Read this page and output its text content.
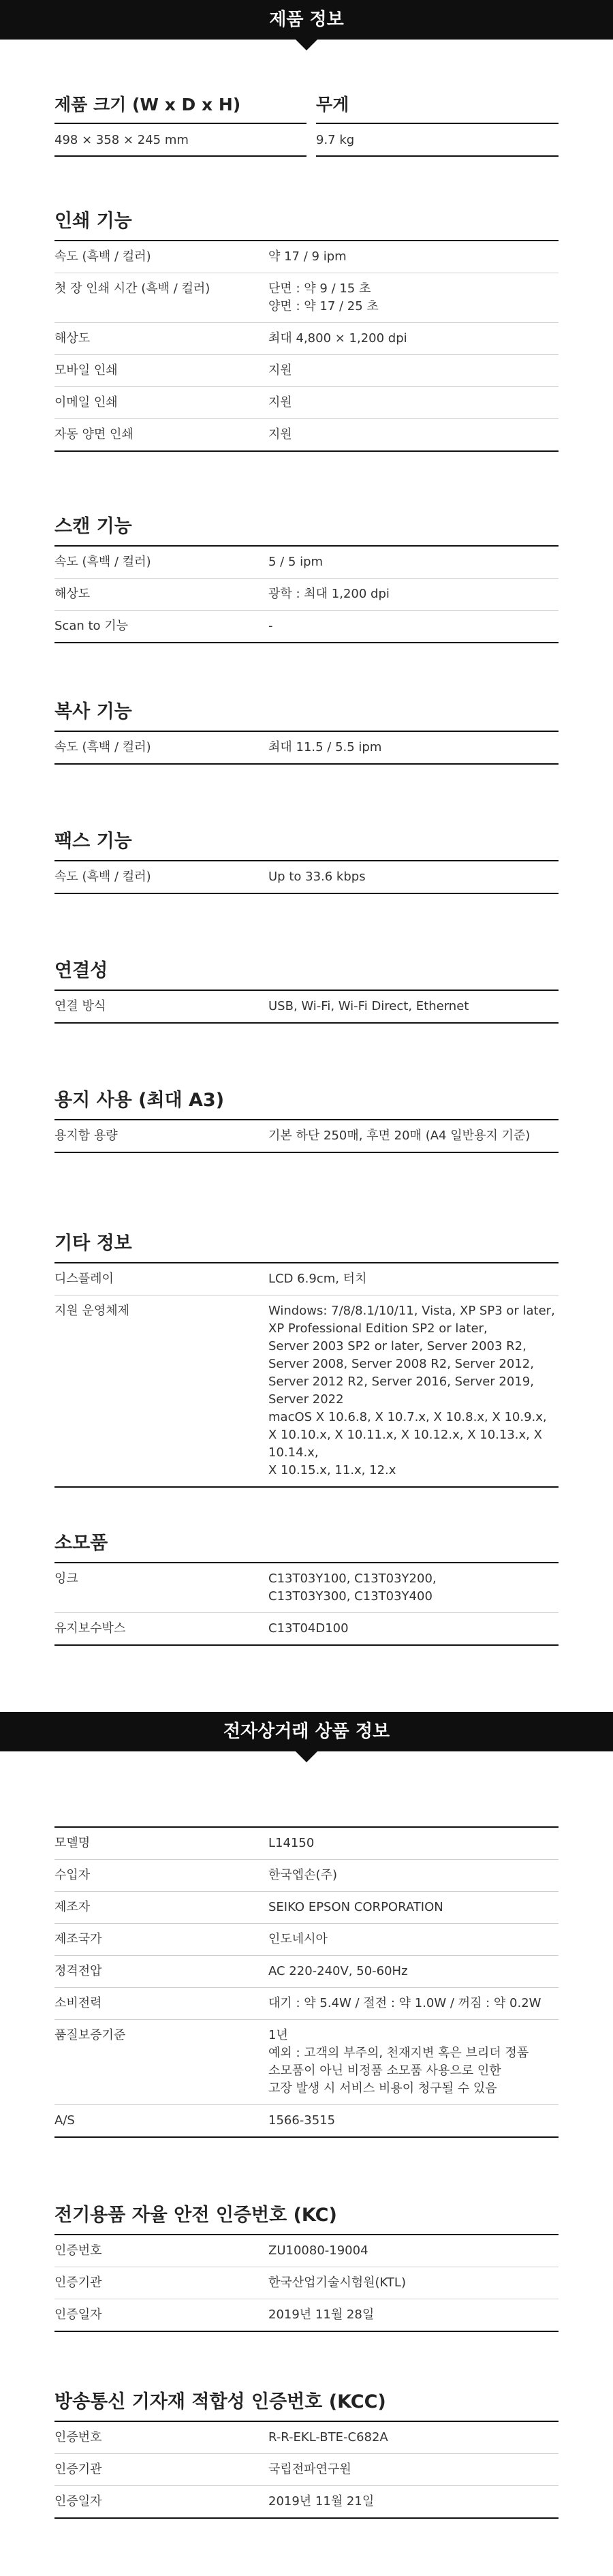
제품 정보
제품 크기 (W x D x H)
498 × 358 × 245 mm
무게
9.7 kg
인쇄 기능
속도 (흑백 / 컬러)	약 17 / 9 ipm
첫 장 인쇄 시간 (흑백 / 컬러)	단면 : 약 9 / 15 초
양면 : 약 17 / 25 초
해상도	최대 4,800 × 1,200 dpi
모바일 인쇄	지원
이메일 인쇄	지원
자동 양면 인쇄	지원
스캔 기능
속도 (흑백 / 컬러)	5 / 5 ipm
해상도	광학 : 최대 1,200 dpi
Scan to 기능	-
복사 기능
속도 (흑백 / 컬러)	최대 11.5 / 5.5 ipm
팩스 기능
속도 (흑백 / 컬러)	Up to 33.6 kbps
연결성
연결 방식	USB, Wi-Fi, Wi-Fi Direct, Ethernet
용지 사용 (최대 A3)
용지함 용량	기본 하단 250매, 후면 20매 (A4 일반용지 기준)
기타 정보
디스플레이	LCD 6.9cm, 터치
지원 운영체제	Windows: 7/8/8.1/10/11, Vista, XP SP3 or later,
XP Professional Edition SP2 or later,
Server 2003 SP2 or later, Server 2003 R2,
Server 2008, Server 2008 R2, Server 2012,
Server 2012 R2, Server 2016, Server 2019,
Server 2022
macOS X 10.6.8, X 10.7.x, X 10.8.x, X 10.9.x,
X 10.10.x, X 10.11.x, X 10.12.x, X 10.13.x, X 10.14.x,
X 10.15.x, 11.x, 12.x
소모품
잉크	C13T03Y100, C13T03Y200,
C13T03Y300, C13T03Y400
유지보수박스	C13T04D100
전자상거래 상품 정보
모델명	L14150
수입자	한국엡손(주)
제조자	SEIKO EPSON CORPORATION
제조국가	인도네시아
정격전압	AC 220-240V, 50-60Hz
소비전력	대기 : 약 5.4W / 절전 : 약 1.0W / 꺼짐 : 약 0.2W
품질보증기준	1년
예외 : 고객의 부주의, 천재지변 혹은 브리더 정품
소모품이 아닌 비정품 소모품 사용으로 인한
고장 발생 시 서비스 비용이 청구될 수 있음
A/S	1566-3515
전기용품 자율 안전 인증번호 (KC)
인증번호	ZU10080-19004
인증기관	한국산업기술시험원(KTL)
인증일자	2019년 11월 28일
방송통신 기자재 적합성 인증번호 (KCC)
인증번호	R-R-EKL-BTE-C682A
인증기관	국립전파연구원
인증일자	2019년 11월 21일
